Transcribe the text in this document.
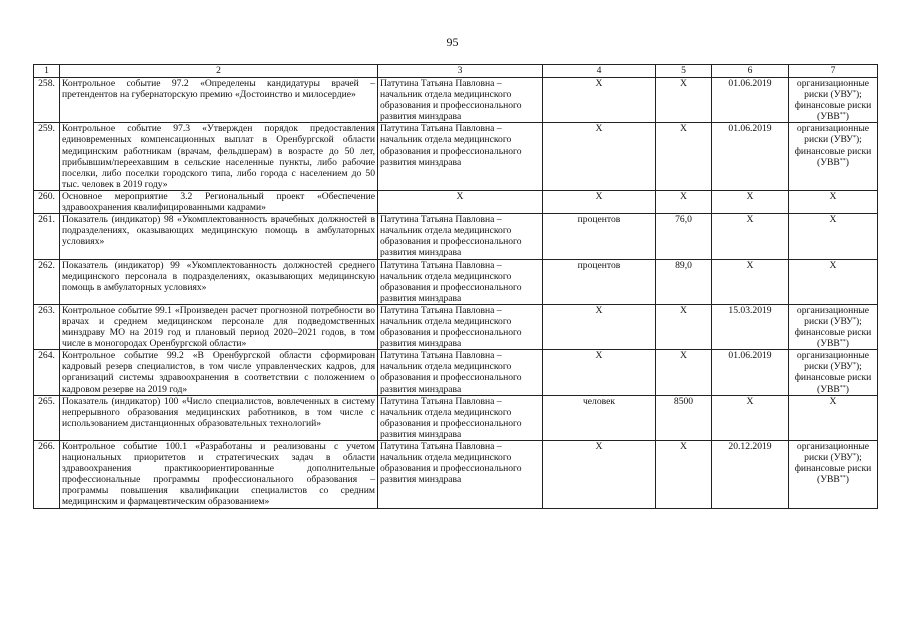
95
1	2	3	4	5	6	7
258.	Контрольное событие 97.2 «Определены кандидатуры врачей – претендентов на губернаторскую премию «Достоинство и милосердие»	Патутина Татьяна Павловна – начальник отдела медицинского образования и профессионального развития минздрава	X	X	01.06.2019	организационные риски (УВУ*); финансовые риски (УВВ**)
259.	Контрольное событие 97.3 «Утвержден порядок предоставления единовременных компенсационных выплат в Оренбургской области медицинским работникам (врачам, фельдшерам) в возрасте до 50 лет, прибывшим/переехавшим в сельские населенные пункты, либо рабочие поселки, либо поселки городского типа, либо города с населением до 50 тыс. человек в 2019 году»	Патутина Татьяна Павловна – начальник отдела медицинского образования и профессионального развития минздрава	X	X	01.06.2019	организационные риски (УВУ*); финансовые риски (УВВ**)
260.	Основное мероприятие 3.2 Региональный проект «Обеспечение здравоохранения квалифицированными кадрами»	X	X	X	X	X
261.	Показатель (индикатор) 98 «Укомплектованность врачебных должностей в подразделениях, оказывающих медицинскую помощь в амбулаторных условиях»	Патутина Татьяна Павловна – начальник отдела медицинского образования и профессионального развития минздрава	процентов	76,0	X	X
262.	Показатель (индикатор) 99 «Укомплектованность должностей среднего медицинского персонала в подразделениях, оказывающих медицинскую помощь в амбулаторных условиях»	Патутина Татьяна Павловна – начальник отдела медицинского образования и профессионального развития минздрава	процентов	89,0	X	X
263.	Контрольное событие 99.1 «Произведен расчет прогнозной потребности во врачах и среднем медицинском персонале для подведомственных минздраву МО на 2019 год и плановый период 2020–2021 годов, в том числе в моногородах Оренбургской области»	Патутина Татьяна Павловна – начальник отдела медицинского образования и профессионального развития минздрава	X	X	15.03.2019	организационные риски (УВУ*); финансовые риски (УВВ**)
264.	Контрольное событие 99.2 «В Оренбургской области сформирован кадровый резерв специалистов, в том числе управленческих кадров, для организаций системы здравоохранения в соответствии с положением о кадровом резерве на 2019 год»	Патутина Татьяна Павловна – начальник отдела медицинского образования и профессионального развития минздрава	X	X	01.06.2019	организационные риски (УВУ*); финансовые риски (УВВ**)
265.	Показатель (индикатор) 100 «Число специалистов, вовлеченных в систему непрерывного образования медицинских работников, в том числе с использованием дистанционных образовательных технологий»	Патутина Татьяна Павловна – начальник отдела медицинского образования и профессионального развития минздрава	человек	8500	X	X
266.	Контрольное событие 100.1 «Разработаны и реализованы с учетом национальных приоритетов и стратегических задач в области здравоохранения практикоориентированные дополнительные профессиональные программы профессионального образования – программы повышения квалификации специалистов со средним медицинским и фармацевтическим образованием»	Патутина Татьяна Павловна – начальник отдела медицинского образования и профессионального развития минздрава	X	X	20.12.2019	организационные риски (УВУ*); финансовые риски (УВВ**)
